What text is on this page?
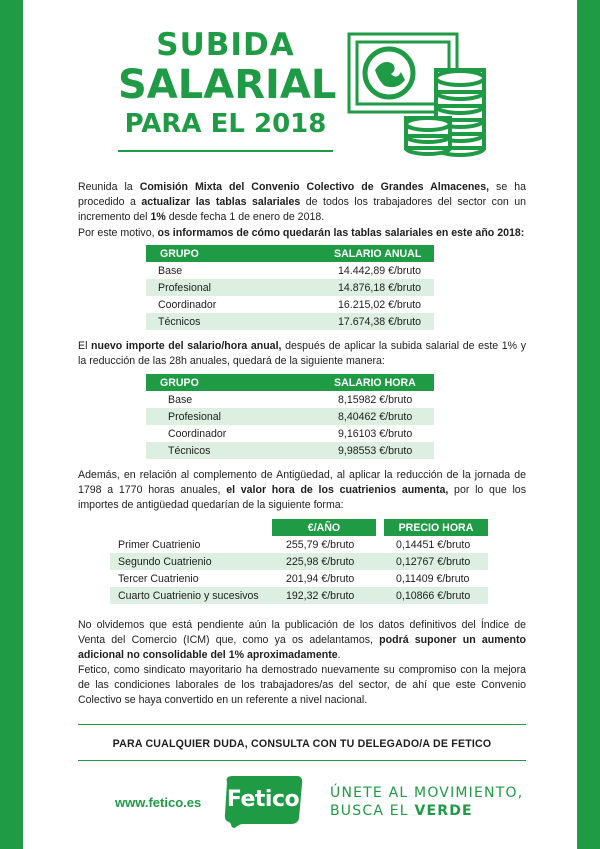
SUBIDA
SALARIAL
PARA EL 2018
Reunida la Comisión Mixta del Convenio Colectivo de Grandes Almacenes, se ha procedido a actualizar las tablas salariales de todos los trabajadores del sector con un incremento del 1% desde fecha 1 de enero de 2018.
Por este motivo, os informamos de cómo quedarán las tablas salariales en este año 2018:
GRUPO	SALARIO ANUAL
Base	14.442,89 €/bruto
Profesional	14.876,18 €/bruto
Coordinador	16.215,02 €/bruto
Técnicos	17.674,38 €/bruto
El nuevo importe del salario/hora anual, después de aplicar la subida salarial de este 1% y la reducción de las 28h anuales, quedará de la siguiente manera:
GRUPO	SALARIO HORA
Base	8,15982 €/bruto
Profesional	8,40462 €/bruto
Coordinador	9,16103 €/bruto
Técnicos	9,98553 €/bruto
Además, en relación al complemento de Antigüedad, al aplicar la reducción de la jornada de 1798 a 1770 horas anuales, el valor hora de los cuatrienios aumenta, por lo que los importes de antigüedad quedarían de la siguiente forma:
	€/AÑO		PRECIO HORA
Primer Cuatrienio	255,79 €/bruto		0,14451 €/bruto
Segundo Cuatrienio	225,98 €/bruto		0,12767 €/bruto
Tercer Cuatrienio	201,94 €/bruto		0,11409 €/bruto
Cuarto Cuatrienio y sucesivos	192,32 €/bruto		0,10866 €/bruto
No olvidemos que está pendiente aún la publicación de los datos definitivos del Índice de Venta del Comercio (ICM) que, como ya os adelantamos, podrá suponer un aumento adicional no consolidable del 1% aproximadamente.
Fetico, como sindicato mayoritario ha demostrado nuevamente su compromiso con la mejora de las condiciones laborales de los trabajadores/as del sector, de ahí que este Convenio Colectivo se haya convertido en un referente a nivel nacional.
PARA CUALQUIER DUDA, CONSULTA CON TU DELEGADO/A DE FETICO
www.fetico.es Fetico	ÚNETE AL MOVIMIENTO,
BUSCA EL VERDE
